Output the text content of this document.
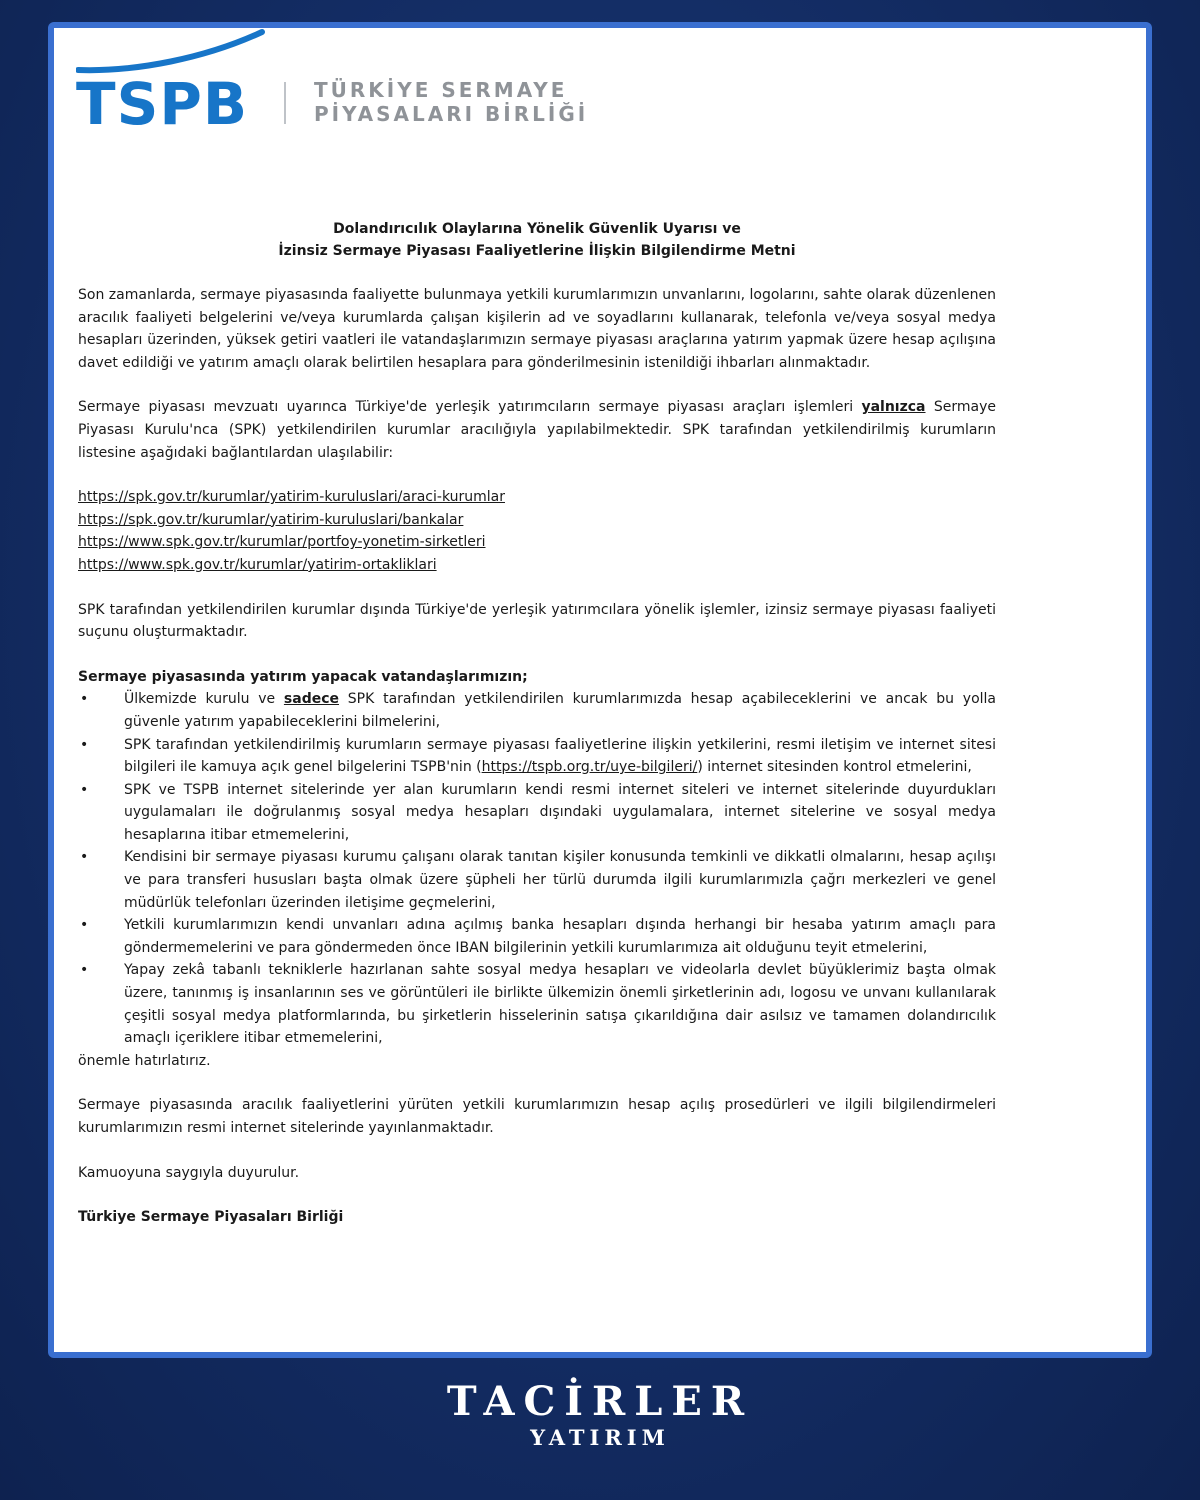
TSPB	TÜRKİYE SERMAYE
PİYASALARI BİRLİĞİ
Dolandırıcılık Olaylarına Yönelik Güvenlik Uyarısı ve
İzinsiz Sermaye Piyasası Faaliyetlerine İlişkin Bilgilendirme Metni
Son zamanlarda, sermaye piyasasında faaliyette bulunmaya yetkili kurumlarımızın unvanlarını, logolarını, sahte olarak düzenlenen aracılık faaliyeti belgelerini ve/veya kurumlarda çalışan kişilerin ad ve soyadlarını kullanarak, telefonla ve/veya sosyal medya hesapları üzerinden, yüksek getiri vaatleri ile vatandaşlarımızın sermaye piyasası araçlarına yatırım yapmak üzere hesap açılışına davet edildiği ve yatırım amaçlı olarak belirtilen hesaplara para gönderilmesinin istenildiği ihbarları alınmaktadır.
Sermaye piyasası mevzuatı uyarınca Türkiye'de yerleşik yatırımcıların sermaye piyasası araçları işlemleri yalnızca Sermaye Piyasası Kurulu'nca (SPK) yetkilendirilen kurumlar aracılığıyla yapılabilmektedir. SPK tarafından yetkilendirilmiş kurumların listesine aşağıdaki bağlantılardan ulaşılabilir:
https://spk.gov.tr/kurumlar/yatirim-kuruluslari/araci-kurumlar
https://spk.gov.tr/kurumlar/yatirim-kuruluslari/bankalar
https://www.spk.gov.tr/kurumlar/portfoy-yonetim-sirketleri
https://www.spk.gov.tr/kurumlar/yatirim-ortakliklari
SPK tarafından yetkilendirilen kurumlar dışında Türkiye'de yerleşik yatırımcılara yönelik işlemler, izinsiz sermaye piyasası faaliyeti suçunu oluşturmaktadır.
Sermaye piyasasında yatırım yapacak vatandaşlarımızın;
•	Ülkemizde kurulu ve sadece SPK tarafından yetkilendirilen kurumlarımızda hesap açabileceklerini ve ancak bu yolla güvenle yatırım yapabileceklerini bilmelerini,
•	SPK tarafından yetkilendirilmiş kurumların sermaye piyasası faaliyetlerine ilişkin yetkilerini, resmi iletişim ve internet sitesi bilgileri ile kamuya açık genel bilgelerini TSPB'nin (https://tspb.org.tr/uye-bilgileri/) internet sitesinden kontrol etmelerini,
•	SPK ve TSPB internet sitelerinde yer alan kurumların kendi resmi internet siteleri ve internet sitelerinde duyurdukları uygulamaları ile doğrulanmış sosyal medya hesapları dışındaki uygulamalara, internet sitelerine ve sosyal medya hesaplarına itibar etmemelerini,
•	Kendisini bir sermaye piyasası kurumu çalışanı olarak tanıtan kişiler konusunda temkinli ve dikkatli olmalarını, hesap açılışı ve para transferi hususları başta olmak üzere şüpheli her türlü durumda ilgili kurumlarımızla çağrı merkezleri ve genel müdürlük telefonları üzerinden iletişime geçmelerini,
•	Yetkili kurumlarımızın kendi unvanları adına açılmış banka hesapları dışında herhangi bir hesaba yatırım amaçlı para göndermemelerini ve para göndermeden önce IBAN bilgilerinin yetkili kurumlarımıza ait olduğunu teyit etmelerini,
•	Yapay zekâ tabanlı tekniklerle hazırlanan sahte sosyal medya hesapları ve videolarla devlet büyüklerimiz başta olmak üzere, tanınmış iş insanlarının ses ve görüntüleri ile birlikte ülkemizin önemli şirketlerinin adı, logosu ve unvanı kullanılarak çeşitli sosyal medya platformlarında, bu şirketlerin hisselerinin satışa çıkarıldığına dair asılsız ve tamamen dolandırıcılık amaçlı içeriklere itibar etmemelerini,
önemle hatırlatırız.
Sermaye piyasasında aracılık faaliyetlerini yürüten yetkili kurumlarımızın hesap açılış prosedürleri ve ilgili bilgilendirmeleri kurumlarımızın resmi internet sitelerinde yayınlanmaktadır.
Kamuoyuna saygıyla duyurulur.
Türkiye Sermaye Piyasaları Birliği
TACİRLER
YATIRIM
